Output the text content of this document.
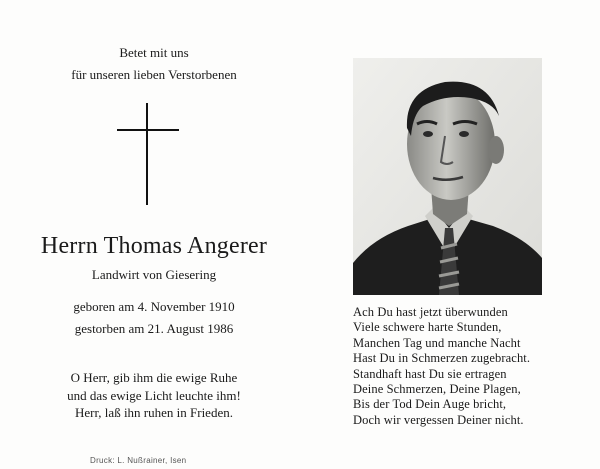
Betet mit uns
für unseren lieben Verstorbenen
Herrn Thomas Angerer
Landwirt von Giesering
geboren am 4. November 1910
gestorben am 21. August 1986
O Herr, gib ihm die ewige Ruhe
und das ewige Licht leuchte ihm!
Herr, laß ihn ruhen in Frieden.
Druck: L. Nußrainer, Isen
Ach Du hast jetzt überwunden
Viele schwere harte Stunden,
Manchen Tag und manche Nacht
Hast Du in Schmerzen zugebracht.
Standhaft hast Du sie ertragen
Deine Schmerzen, Deine Plagen,
Bis der Tod Dein Auge bricht,
Doch wir vergessen Deiner nicht.
